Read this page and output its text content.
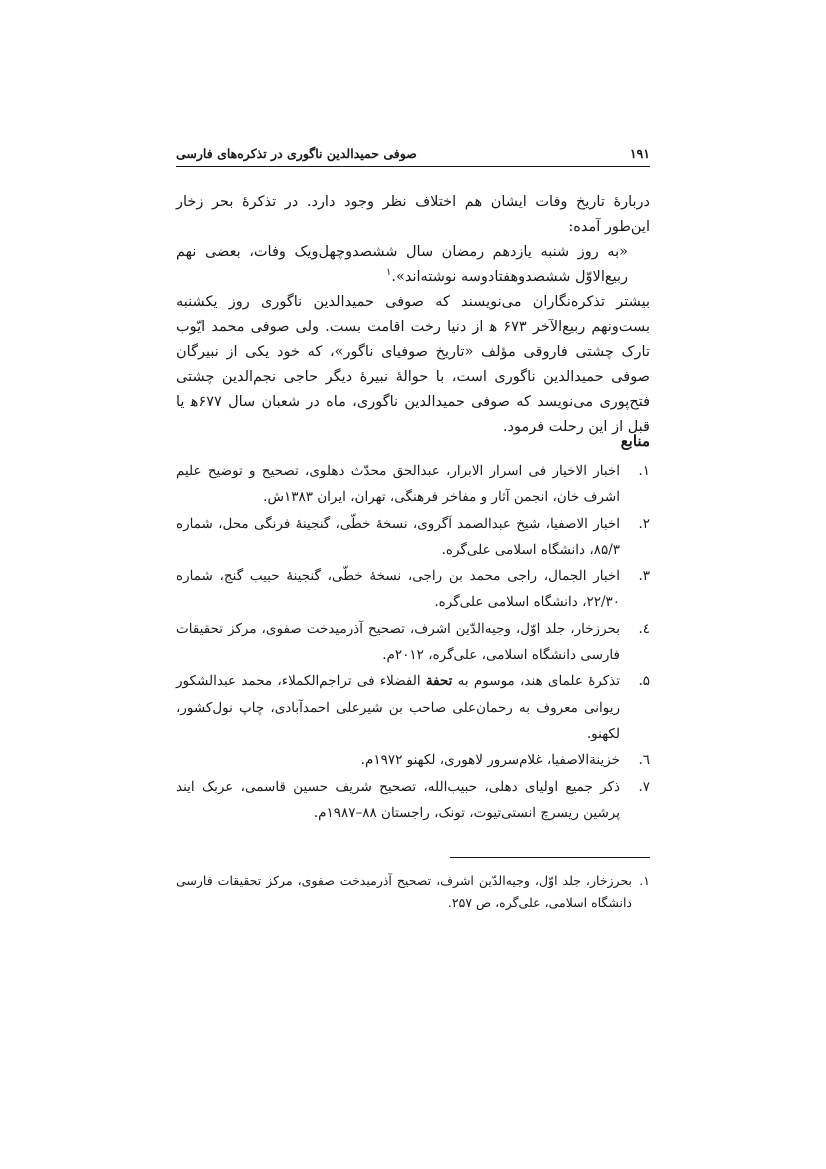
۱۹۱
صوفی حمیدالدین ناگوری در تذکره‌های فارسی

دربارهٔ تاریخ وفات ایشان هم اختلاف نظر وجود دارد. در تذکرهٔ بحر زخار این‌طور آمده:

«به روز شنبه یازدهم رمضان سال ششصدوچهل‌ویک وفات، بعضی نهم ربیع‌الاوّل ششصدوهفتادوسه نوشته‌اند».$^۱$

بیشتر تذکره‌نگاران می‌نویسند که صوفی حمیدالدین ناگوری روز یکشنبه بست‌ونهم ربیع‌الآخر ۶۷۳ ﻫ از دنیا رخت اقامت بست. ولی صوفی محمد ایّوب تارک چشتی فاروقی مؤلف «تاریخ صوفیای ناگور»، که خود یکی از نبیرگان صوفی حمیدالدین ناگوری است، با حوالهٔ نبیرهٔ دیگر حاجی نجم‌الدین چشتی فتح‌پوری می‌نویسد که صوفی حمیدالدین ناگوری، ماه در شعبان سال ۶۷۷ﻫ یا قبل از این رحلت فرمود.

منابع
۱.
اخبار الاخیار فی اسرار الابرار، عبدالحق محدّث دهلوی، تصحیح و توضیح علیم اشرف خان، انجمن آثار و مفاخر فرهنگی، تهران، ایران ۱۳۸۳ش.
۲.
اخبار الاصفیا، شیخ عبدالصمد اَگروی، نسخهٔ خطّی، گنجینهٔ فرنگی محل، شماره ۸۵/۳، دانشگاه اسلامی علی‌گره.
۳.
اخبار الجمال، راجی محمد بن راجی، نسخهٔ خطّی، گنجینهٔ حبیب گنج، شماره ۲۲/۳۰، دانشگاه اسلامی علی‌گره.
٤.
بحرزخار، جلد اوّل، وجیه‌الدّین اشرف، تصحیح آذرمیدخت صفوی، مرکز تحقیقات فارسی دانشگاه اسلامی، علی‌گره، ۲۰۱۲م.
۵.
تذکرهٔ علمای هند، موسوم به تحفة الفضلاء فی تراجم‌الکملاء، محمد عبدالشکور ریوانی معروف به رحمان‌علی صاحب بن شیرعلی احمدآبادی، چاپ نول‌کشور، لکهنو.
٦.
خزینةالاصفیا، غلام‌سرور لاهوری، لکهنو ۱۹۷۲م.
٧.
ذکر جمیع اولیای دهلی، حبیب‌الله، تصحیح شریف حسین قاسمی، عربک ایند پرشین ریسرچ انستی‌تیوت، تونک، راجستان ۸۸–۱۹۸۷م.
۱.
بحرزخار، جلد اوّل، وجیه‌الدّین اشرف، تصحیح آذرمیدخت صفوی، مرکز تحقیقات فارسی دانشگاه اسلامی، علی‌گره، ص ۲۵۷.
